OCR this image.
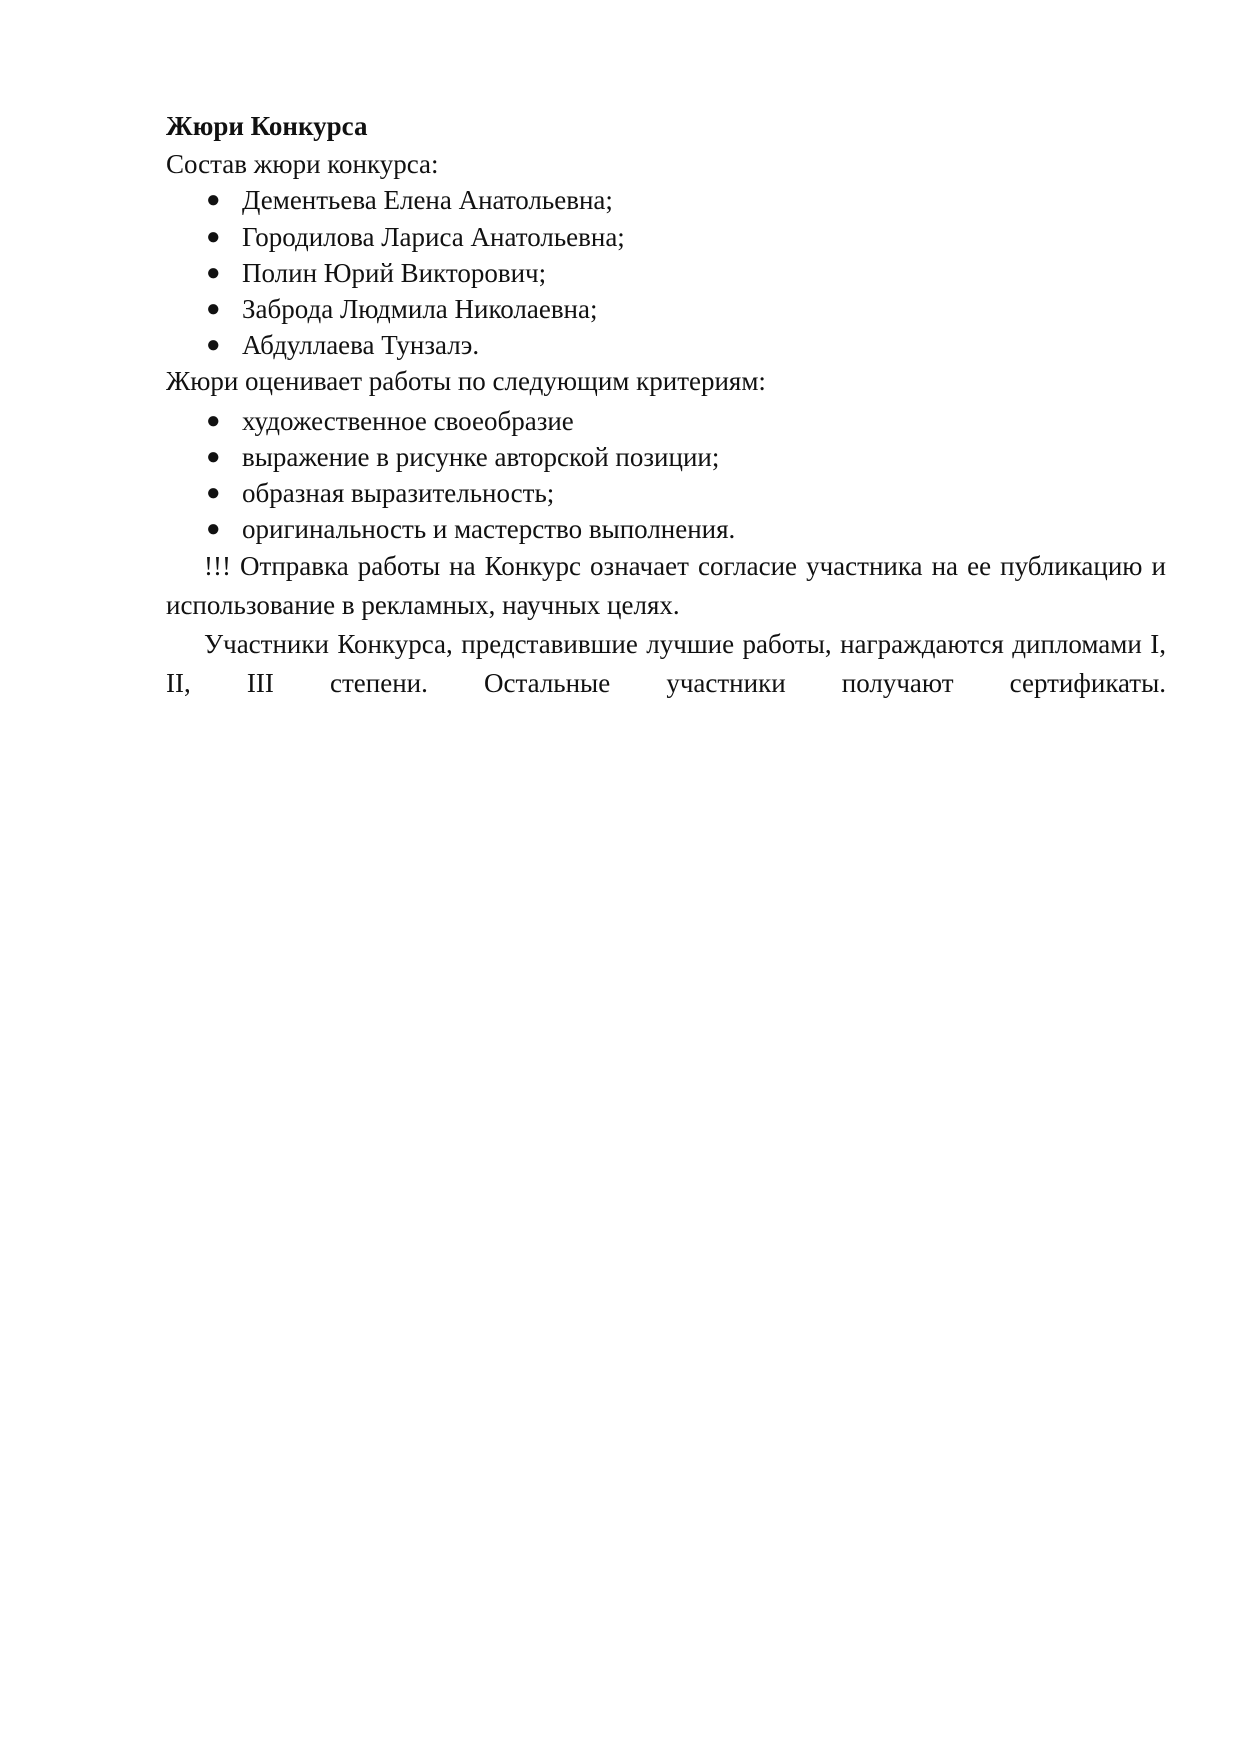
Жюри Конкурса
Состав жюри конкурса:
● Дементьева Елена Анатольевна;
● Городилова Лариса Анатольевна;
● Полин Юрий Викторович;
● Заброда Людмила Николаевна;
● Абдуллаева Тунзалэ.
Жюри оценивает работы по следующим критериям:
● художественное своеобразие
● выражение в рисунке авторской позиции;
● образная выразительность;
● оригинальность и мастерство выполнения.

!!! Отправка работы на Конкурс означает согласие участника на ее публикацию и использование в рекламных, научных целях.

Участники Конкурса, представившие лучшие работы, награждаются дипломами I, II, III степени. Остальные участники получают сертификаты.
